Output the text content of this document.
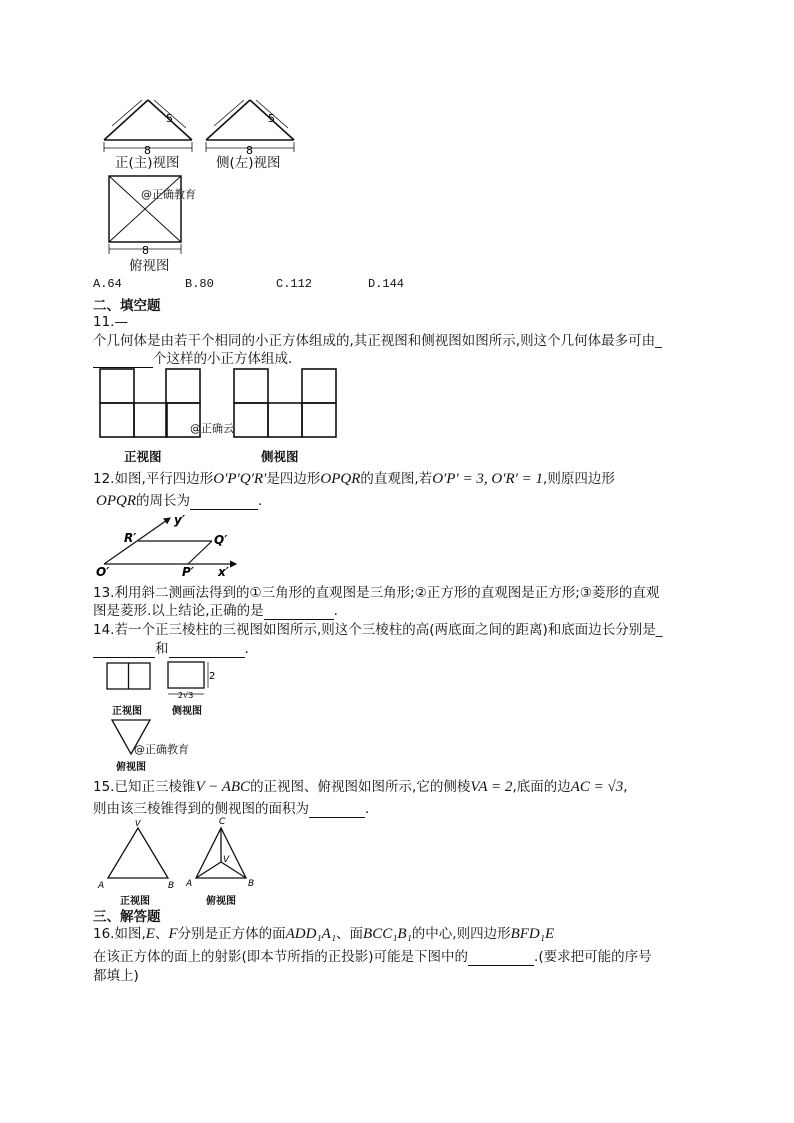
5
8
正(主)视图
5
8
侧(左)视图
8
@正确教育
俯视图
A.64	B.80	C.112	D.144
二、填空题
11.—
个几何体是由若干个相同的小正方体组成的,其正视图和侧视图如图所示,则这个几何体最多可由_
个这样的小正方体组成.
@正确云
正视图	侧视图
12.如图,平行四边形O′P′Q′R′是四边形OPQR的直观图,若O′P′ = 3, O′R′ = 1,则原四边形
OPQR的周长为	.
y′
R′	Q′
O′	P′ x′
13.利用斜二测画法得到的①三角形的直观图是三角形;②正方形的直观图是正方形;③菱形的直观
图是菱形.以上结论,正确的是	.
14.若一个正三棱柱的三视图如图所示,则这个三棱柱的高(两底面之间的距离)和底面边长分别是_
和	.
2
2√3
正视图	侧视图
@正确教育
俯视图
15.已知正三棱锥V − ABC的正视图、俯视图如图所示,它的侧棱VA = 2,底面的边AC = √3,
则由该三棱锥得到的侧视图的面积为	.
V
A	B
C
V
A	B
正视图	俯视图
三、解答题
16.如图,E、F分别是正方体的面ADD₁A₁、面BCC₁B₁的中心,则四边形BFD₁E
在该正方体的面上的射影(即本节所指的正投影)可能是下图中的	.(要求把可能的序号
都填上)
